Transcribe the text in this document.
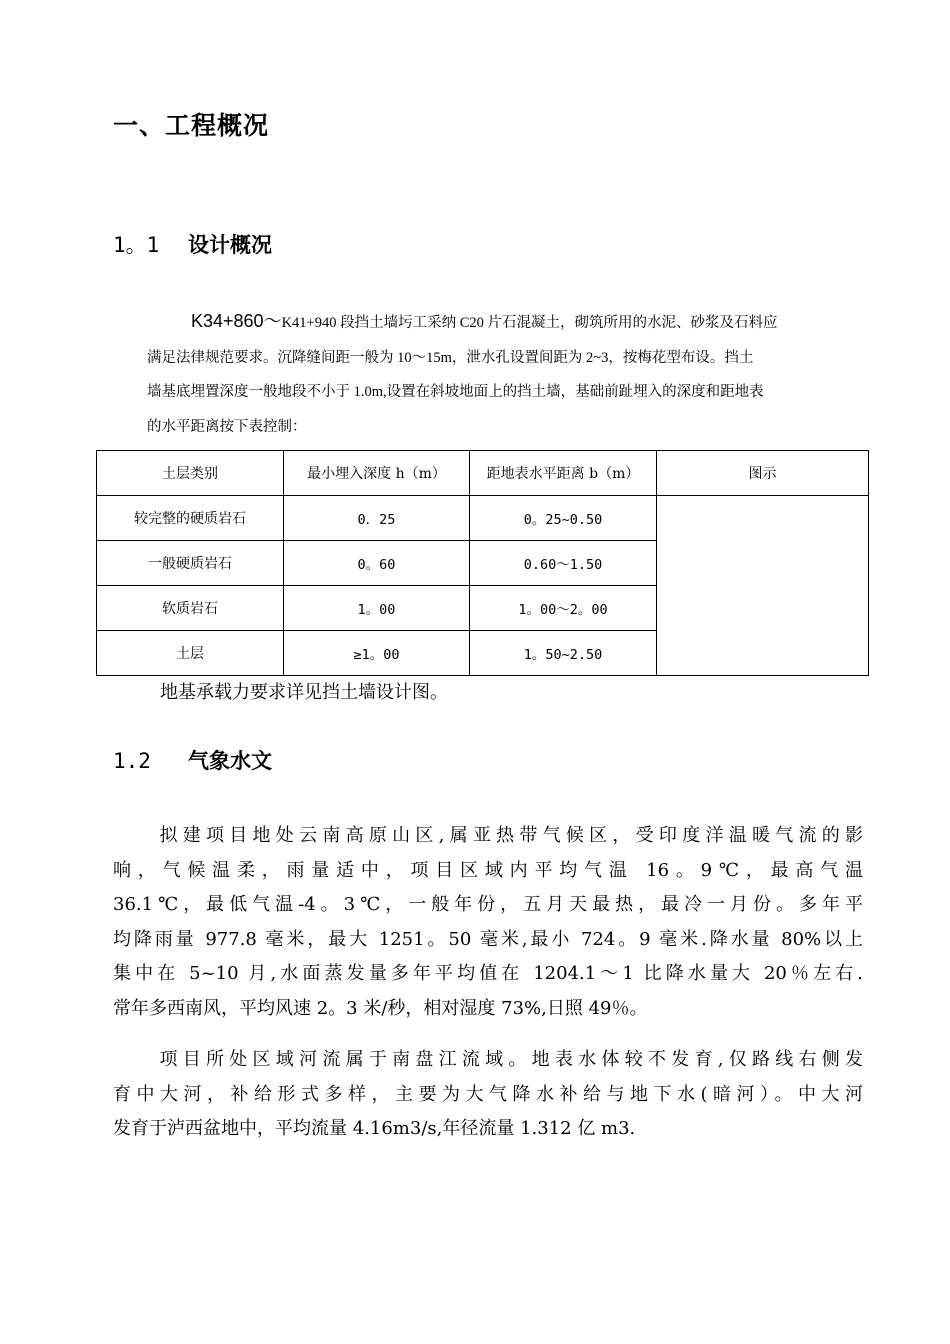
一、工程概况
1。1 设计概况
K34+860～K41+940 段挡土墙圬工采纳 C20 片石混凝土，砌筑所用的水泥、砂浆及石料应
满足法律规范要求。沉降缝间距一般为 10～15m，泄水孔设置间距为 2~3，按梅花型布设。挡土
墙基底埋置深度一般地段不小于 1.0m,设置在斜坡地面上的挡土墙，基础前趾埋入的深度和距地表
的水平距离按下表控制：
土层类别	最小埋入深度 h（m）	距地表水平距离 b（m）	图示
较完整的硬质岩石	0．25	0。25~0.50	
一般硬质岩石	0。60	0.60～1.50	
软质岩石	1。00	1。00～2。00	
土层	≥1。00	1。50~2.50	
地基承载力要求详见挡土墙设计图。
1.2 气象水文
　　拟建项目地处云南高原山区,属亚热带气候区，受印度洋温暖气流的影
响，气候温柔，雨量适中，项目区域内平均气温 16。9℃，最高气温
36.1℃，最低气温-4。3℃，一般年份，五月天最热，最冷一月份。多年平
均降雨量 977.8 毫米，最大 1251。50 毫米,最小 724。9 毫米.降水量 80%以上
集中在 5~10 月,水面蒸发量多年平均值在 1204.1～1 比降水量大 20％左右.
常年多西南风，平均风速 2。3 米/秒，相对湿度 73%,日照 49％。
　　项目所处区域河流属于南盘江流域。地表水体较不发育,仅路线右侧发
育中大河，补给形式多样，主要为大气降水补给与地下水(暗河）。中大河
发育于泸西盆地中，平均流量 4.16m3/s,年径流量 1.312 亿 m3.
